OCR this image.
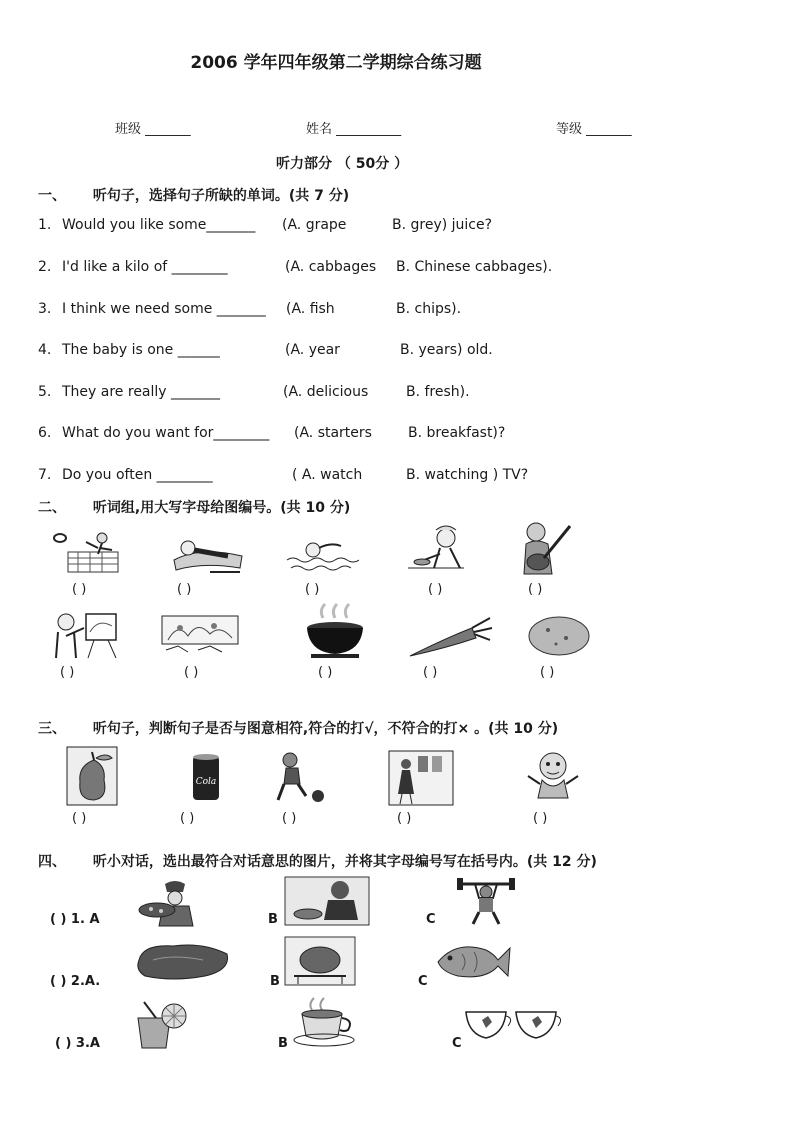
2006 学年四年级第二学期综合练习题
班级 _______	姓名 __________	等级 _______
听力部分 （ 50分 ）
一、 听句子，选择句子所缺的单词。(共 7 分)
1. Would you like some_______ (A. grape	B. grey) juice?
2. I'd like a kilo of ________	(A. cabbages B. Chinese cabbages).
3. I think we need some _______ (A. fish	B. chips).
4. The baby is one ______	(A. year	B. years) old.
5. They are really _______	(A. delicious	B. fresh).
6. What do you want for________ (A. starters	B. breakfast)?
7. Do you often ________	( A. watch	B. watching ) TV?
二、 听词组,用大写字母给图编号。(共 10 分)
( )	( )	( )	( )	( )
( )	( )	( )	( )	( )
三、 听句子，判断句子是否与图意相符,符合的打√，不符合的打× 。(共 10 分)
Cola
( )	( )	( )	( )	( )
四、 听小对话，选出最符合对话意思的图片，并将其字母编号写在括号内。(共 12 分)
( ) 1. A	B	C
( ) 2.A.	B	C
( ) 3.A	B	C
